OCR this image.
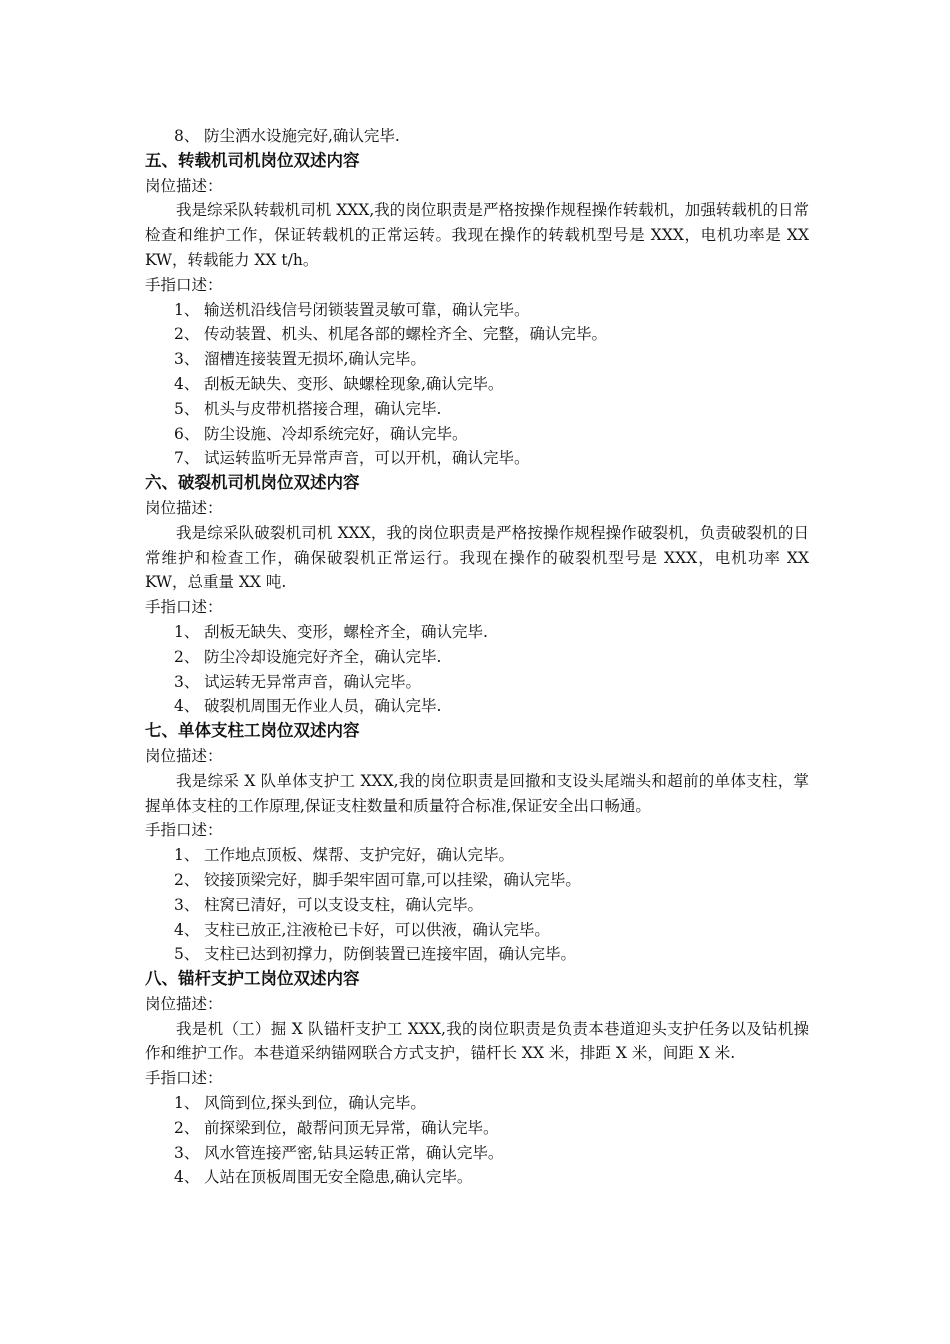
8、 防尘洒水设施完好,确认完毕.
五、转载机司机岗位双述内容
岗位描述：
我是综采队转载机司机 XXX,我的岗位职责是严格按操作规程操作转载机，加强转载机的日常检查和维护工作，保证转载机的正常运转。我现在操作的转载机型号是 XXX，电机功率是 XX KW，转载能力 XX t/h。
手指口述：
1、 输送机沿线信号闭锁装置灵敏可靠，确认完毕。
2、 传动装置、机头、机尾各部的螺栓齐全、完整，确认完毕。
3、 溜槽连接装置无损坏,确认完毕。
4、 刮板无缺失、变形、缺螺栓现象,确认完毕。
5、 机头与皮带机搭接合理，确认完毕.
6、 防尘设施、冷却系统完好，确认完毕。
7、 试运转监听无异常声音，可以开机，确认完毕。
六、破裂机司机岗位双述内容
岗位描述：
我是综采队破裂机司机 XXX，我的岗位职责是严格按操作规程操作破裂机，负责破裂机的日常维护和检查工作，确保破裂机正常运行。我现在操作的破裂机型号是 XXX，电机功率 XX KW，总重量 XX 吨.
手指口述：
1、 刮板无缺失、变形，螺栓齐全，确认完毕.
2、 防尘冷却设施完好齐全，确认完毕.
3、 试运转无异常声音，确认完毕。
4、 破裂机周围无作业人员，确认完毕.
七、单体支柱工岗位双述内容
岗位描述：
我是综采 X 队单体支护工 XXX,我的岗位职责是回撤和支设头尾端头和超前的单体支柱，掌握单体支柱的工作原理,保证支柱数量和质量符合标准,保证安全出口畅通。
手指口述：
1、 工作地点顶板、煤帮、支护完好，确认完毕。
2、 铰接顶梁完好，脚手架牢固可靠,可以挂梁，确认完毕。
3、 柱窝已清好，可以支设支柱，确认完毕。
4、 支柱已放正,注液枪已卡好，可以供液，确认完毕。
5、 支柱已达到初撑力，防倒装置已连接牢固，确认完毕。
八、锚杆支护工岗位双述内容
岗位描述：
我是机（工）掘 X 队锚杆支护工 XXX,我的岗位职责是负责本巷道迎头支护任务以及钻机操作和维护工作。本巷道采纳锚网联合方式支护，锚杆长 XX 米，排距 X 米，间距 X 米.
手指口述：
1、 风筒到位,探头到位，确认完毕。
2、 前探梁到位，敲帮问顶无异常，确认完毕。
3、 风水管连接严密,钻具运转正常，确认完毕。
4、 人站在顶板周围无安全隐患,确认完毕。
